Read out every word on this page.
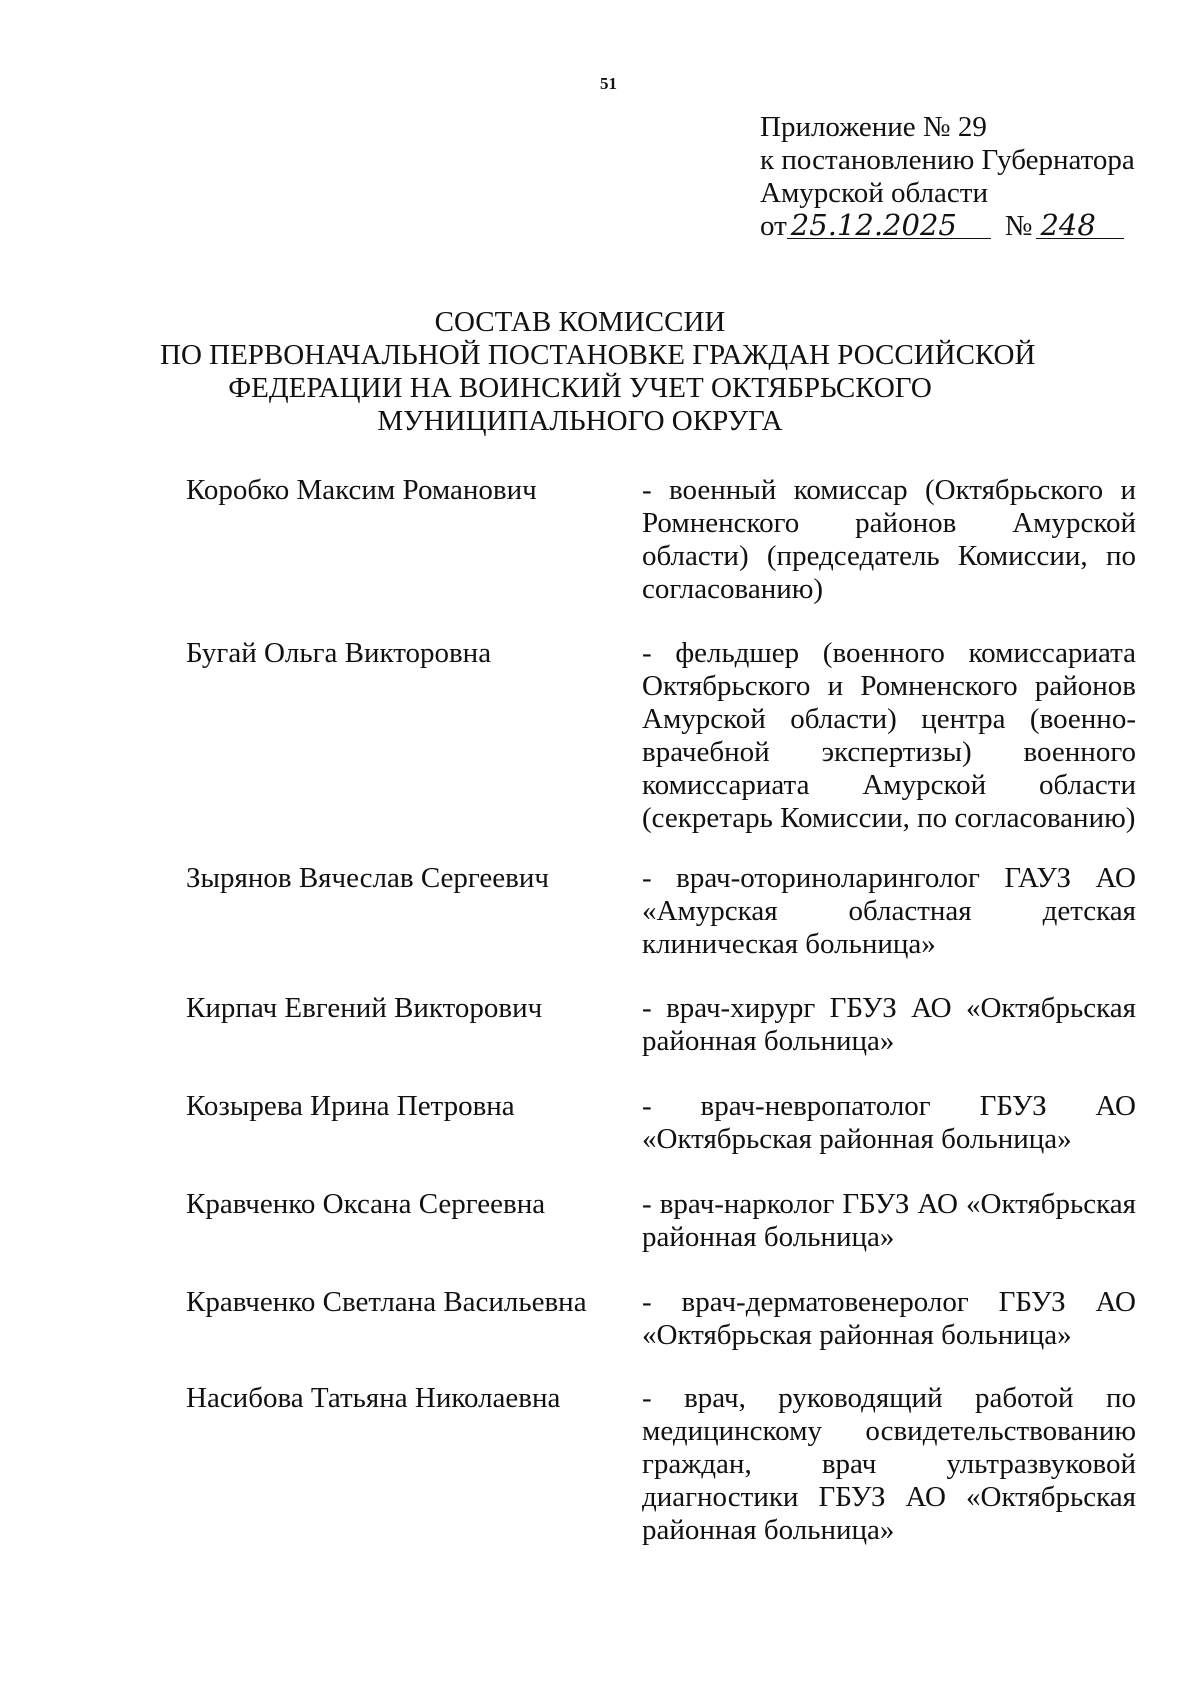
51
Приложение № 29
к постановлению Губернатора
Амурской области
от 25.12.2025 № 248
СОСТАВ КОМИССИИ
ПО ПЕРВОНАЧАЛЬНОЙ ПОСТАНОВКЕ ГРАЖДАН РОССИЙСКОЙ
ФЕДЕРАЦИИ НА ВОИНСКИЙ УЧЕТ ОКТЯБРЬСКОГО
МУНИЦИПАЛЬНОГО ОКРУГА
Коробко Максим Романович	- военный комиссар (Октябрьского и Ромненского районов Амурской области) (председатель Комиссии, по согласованию)
Бугай Ольга Викторовна	- фельдшер (военного комиссариата Октябрьского и Ромненского районов Амурской области) центра (военно-врачебной экспертизы) военного комиссариата Амурской области (секретарь Комиссии, по согласованию)
Зырянов Вячеслав Сергеевич	- врач-оториноларинголог ГАУЗ АО «Амурская областная детская клиническая больница»
Кирпач Евгений Викторович	- врач-хирург ГБУЗ АО «Октябрьская районная больница»
Козырева Ирина Петровна	- врач-невропатолог ГБУЗ АО «Октябрьская районная больница»
Кравченко Оксана Сергеевна	- врач-нарколог ГБУЗ АО «Октябрьская районная больница»
Кравченко Светлана Васильевна	- врач-дерматовенеролог ГБУЗ АО «Октябрьская районная больница»
Насибова Татьяна Николаевна	- врач, руководящий работой по медицинскому освидетельствованию граждан, врач ультразвуковой диагностики ГБУЗ АО «Октябрьская районная больница»
